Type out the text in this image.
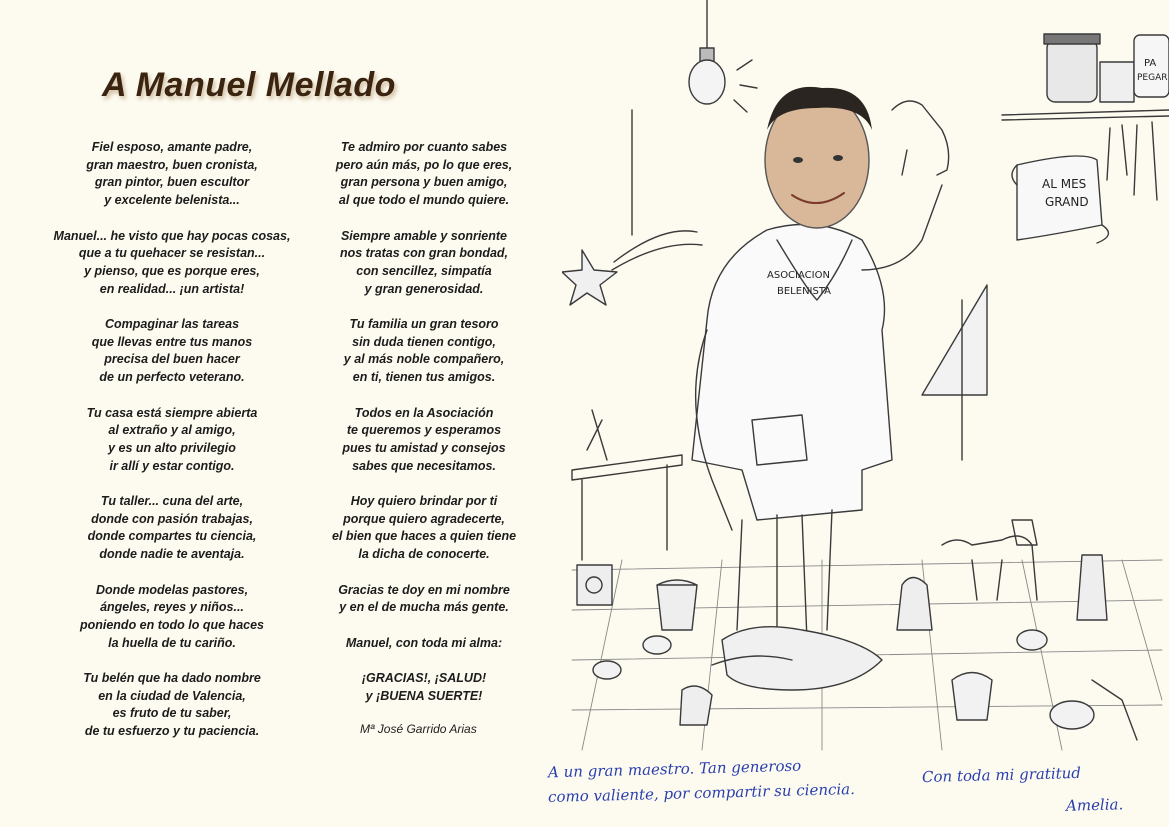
A Manuel Mellado
Fiel esposo, amante padre,
gran maestro, buen cronista,
gran pintor, buen escultor
y excelente belenista...
Manuel... he visto que hay pocas cosas,
que a tu quehacer se resistan...
y pienso, que es porque eres,
en realidad... ¡un artista!
Compaginar las tareas
que llevas entre tus manos
precisa del buen hacer
de un perfecto veterano.
Tu casa está siempre abierta
al extraño y al amigo,
y es un alto privilegio
ir allí y estar contigo.
Tu taller... cuna del arte,
donde con pasión trabajas,
donde compartes tu ciencia,
donde nadie te aventaja.
Donde modelas pastores,
ángeles, reyes y niños...
poniendo en todo lo que haces
la huella de tu cariño.
Tu belén que ha dado nombre
en la ciudad de Valencia,
es fruto de tu saber,
de tu esfuerzo y tu paciencia.
Te admiro por cuanto sabes
pero aún más, po lo que eres,
gran persona y buen amigo,
al que todo el mundo quiere.
Siempre amable y sonriente
nos tratas con gran bondad,
con sencillez, simpatía
y gran generosidad.
Tu familia un gran tesoro
sin duda tienen contigo,
y al más noble compañero,
en ti, tienen tus amigos.
Todos en la Asociación
te queremos y esperamos
pues tu amistad y consejos
sabes que necesitamos.
Hoy quiero brindar por ti
porque quiero agradecerte,
el bien que haces a quien tiene
la dicha de conocerte.
Gracias te doy en mi nombre
y en el de mucha más gente.
Manuel, con toda mi alma:
¡GRACIAS!, ¡SALUD!
y ¡BUENA SUERTE!
Mª José Garrido Arias
PA
PEGAR
AL MES
GRAND
ASOCIACION
BELENISTA
A un gran maestro. Tan generoso
como valiente, por compartir su ciencia.
Con toda mi gratitud
Amelia.
